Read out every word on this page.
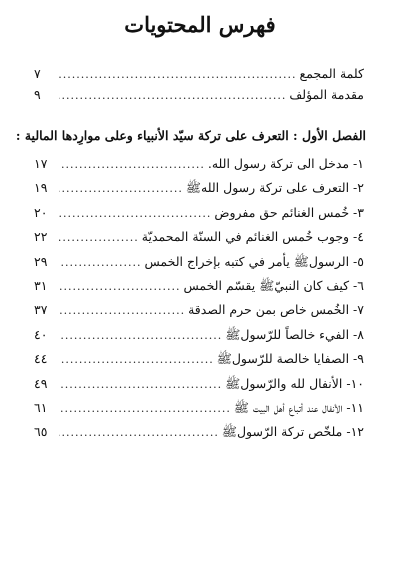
فهرس المحتويات
كلمة المجمع
.....
٧
مقدمة المؤلف
.....
٩
الفصل الأول : التعرف على تركة سيّد الأنبياء وعلى موارِدها المالية :
١- مدخل الى تركة رسول الله.
.....
١٧
٢- التعرف على تركة رسول اللهﷺ
.....
١٩
٣- خُمس الغنائم حق مفروض
.....
٢٠
٤- وجوب خُمس الغنائم في السنّة المحمديّة
.....
٢٢
٥- الرسولﷺ يأمر في كتبه بإخراج الخمس
.....
٢٩
٦- كيف كان النبيّﷺ يقسّم الخمس
.....
٣١
٧- الخُمس خاص بمن حرم الصدقة
.....
٣٧
٨- الفيء خالصاً للرّسولﷺ
.....
٤٠
٩- الصفايا خالصة للرّسولﷺ
.....
٤٤
١٠- الأنفال لله والرّسولﷺ
.....
٤٩
١١- الأنفال عند أتباع أهل البيت ﷺ
.....
٦١
١٢- ملخّص تركة الرّسولﷺ
.....
٦٥
